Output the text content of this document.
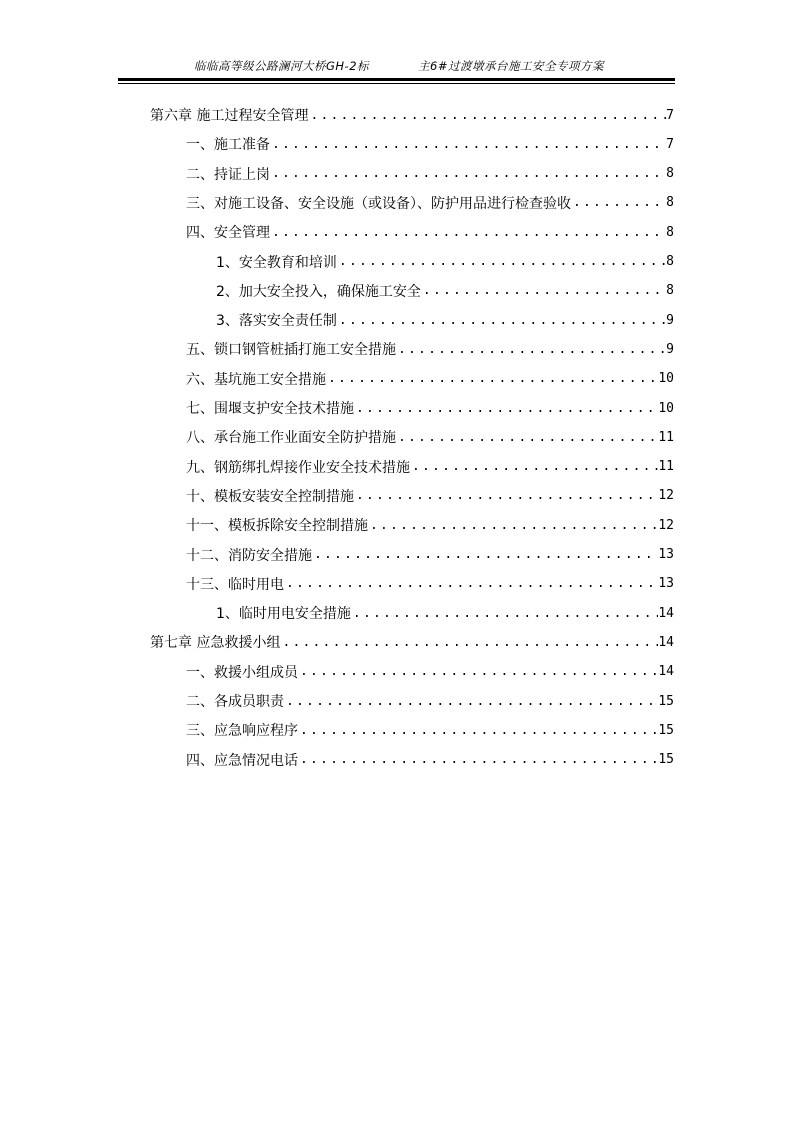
临临高等级公路澜河大桥GH-2标	主6#过渡墩承台施工安全专项方案
第六章 施工过程安全管理 .....	7
一、施工准备 .....	7
二、持证上岗 .....	8
三、对施工设备、安全设施（或设备）、防护用品进行检查验收 .....	8
四、安全管理 .....	8
1、安全教育和培训 .....	8
2、加大安全投入，确保施工安全 .....	8
3、落实安全责任制 .....	9
五、锁口钢管桩插打施工安全措施 .....	9
六、基坑施工安全措施 .....	10
七、围堰支护安全技术措施 .....	10
八、承台施工作业面安全防护措施 .....	11
九、钢筋绑扎焊接作业安全技术措施 .....	11
十、模板安装安全控制措施 .....	12
十一、模板拆除安全控制措施 .....	12
十二、消防安全措施 .....	13
十三、临时用电 .....	13
1、临时用电安全措施 .....	14
第七章 应急救援小组 .....	14
一、救援小组成员 .....	14
二、各成员职责 .....	15
三、应急响应程序 .....	15
四、应急情况电话 .....	15
